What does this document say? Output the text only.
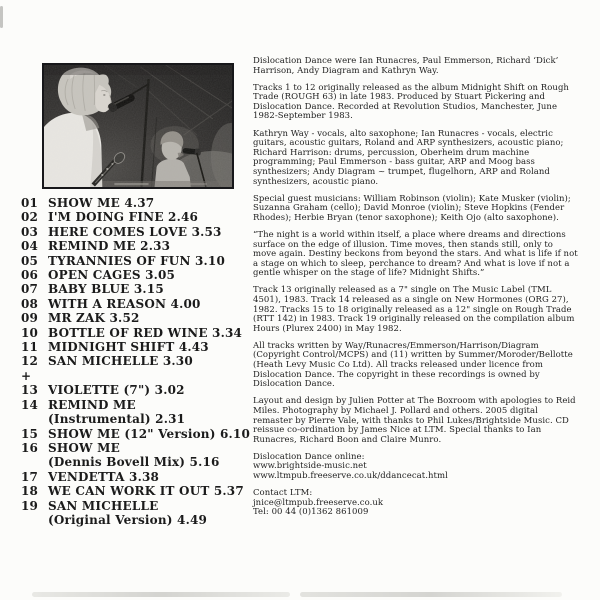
01 SHOW ME 4.37
02 I'M DOING FINE 2.46
03 HERE COMES LOVE 3.53
04 REMIND ME 2.33
05 TYRANNIES OF FUN 3.10
06 OPEN CAGES 3.05
07 BABY BLUE 3.15
08 WITH A REASON 4.00
09 MR ZAK 3.52
10 BOTTLE OF RED WINE 3.34
11 MIDNIGHT SHIFT 4.43
12 SAN MICHELLE 3.30
+
13 VIOLETTE (7") 3.02
14 REMIND ME
(Instrumental) 2.31
15 SHOW ME (12" Version) 6.10
16 SHOW ME
(Dennis Bovell Mix) 5.16
17 VENDETTA 3.38
18 WE CAN WORK IT OUT 5.37
19 SAN MICHELLE
(Original Version) 4.49

Dislocation Dance were Ian Runacres, Paul Emmerson, Richard ‘Dick’ Harrison, Andy Diagram and Kathryn Way.

Tracks 1 to 12 originally released as the album Midnight Shift on Rough Trade (ROUGH 63) in late 1983. Produced by Stuart Pickering and Dislocation Dance. Recorded at Revolution Studios, Manchester, June 1982-September 1983.

Kathryn Way - vocals, alto saxophone; Ian Runacres - vocals, electric guitars, acoustic guitars, Roland and ARP synthesizers, acoustic piano; Richard Harrison: drums, percussion, Oberheim drum machine programming; Paul Emmerson - bass guitar, ARP and Moog bass synthesizers; Andy Diagram ~ trumpet, flugelhorn, ARP and Roland synthesizers, acoustic piano.

Special guest musicians: William Robinson (violin); Kate Musker (violin); Suzanna Graham (cello); David Monroe (violin); Steve Hopkins (Fender Rhodes); Herbie Bryan (tenor saxophone); Keith Ojo (alto saxophone).

“The night is a world within itself, a place where dreams and directions surface on the edge of illusion. Time moves, then stands still, only to move again. Destiny beckons from beyond the stars. And what is life if not a stage on which to sleep, perchance to dream? And what is love if not a gentle whisper on the stage of life? Midnight Shifts.”

Track 13 originally released as a 7" single on The Music Label (TML 4501), 1983. Track 14 released as a single on New Hormones (ORG 27), 1982. Tracks 15 to 18 originally released as a 12" single on Rough Trade (RTT 142) in 1983. Track 19 originally released on the compilation album Hours (Plurex 2400) in May 1982.

All tracks written by Way/Runacres/Emmerson/Harrison/Diagram (Copyright Control/MCPS) and (11) written by Summer/Moroder/Bellotte (Heath Levy Music Co Ltd). All tracks released under licence from Dislocation Dance. The copyright in these recordings is owned by Dislocation Dance.

Layout and design by Julien Potter at The Boxroom with apologies to Reid Miles. Photography by Michael J. Pollard and others. 2005 digital remaster by Pierre Vale, with thanks to Phil Lukes/Brightside Music. CD reissue co-ordination by James Nice at LTM. Special thanks to Ian Runacres, Richard Boon and Claire Munro.

Dislocation Dance online:
www.brightside-music.net
www.ltmpub.freeserve.co.uk/ddancecat.html
Contact LTM:
jnice@ltmpub.freeserve.co.uk
Tel: 00 44 (0)1362 861009
